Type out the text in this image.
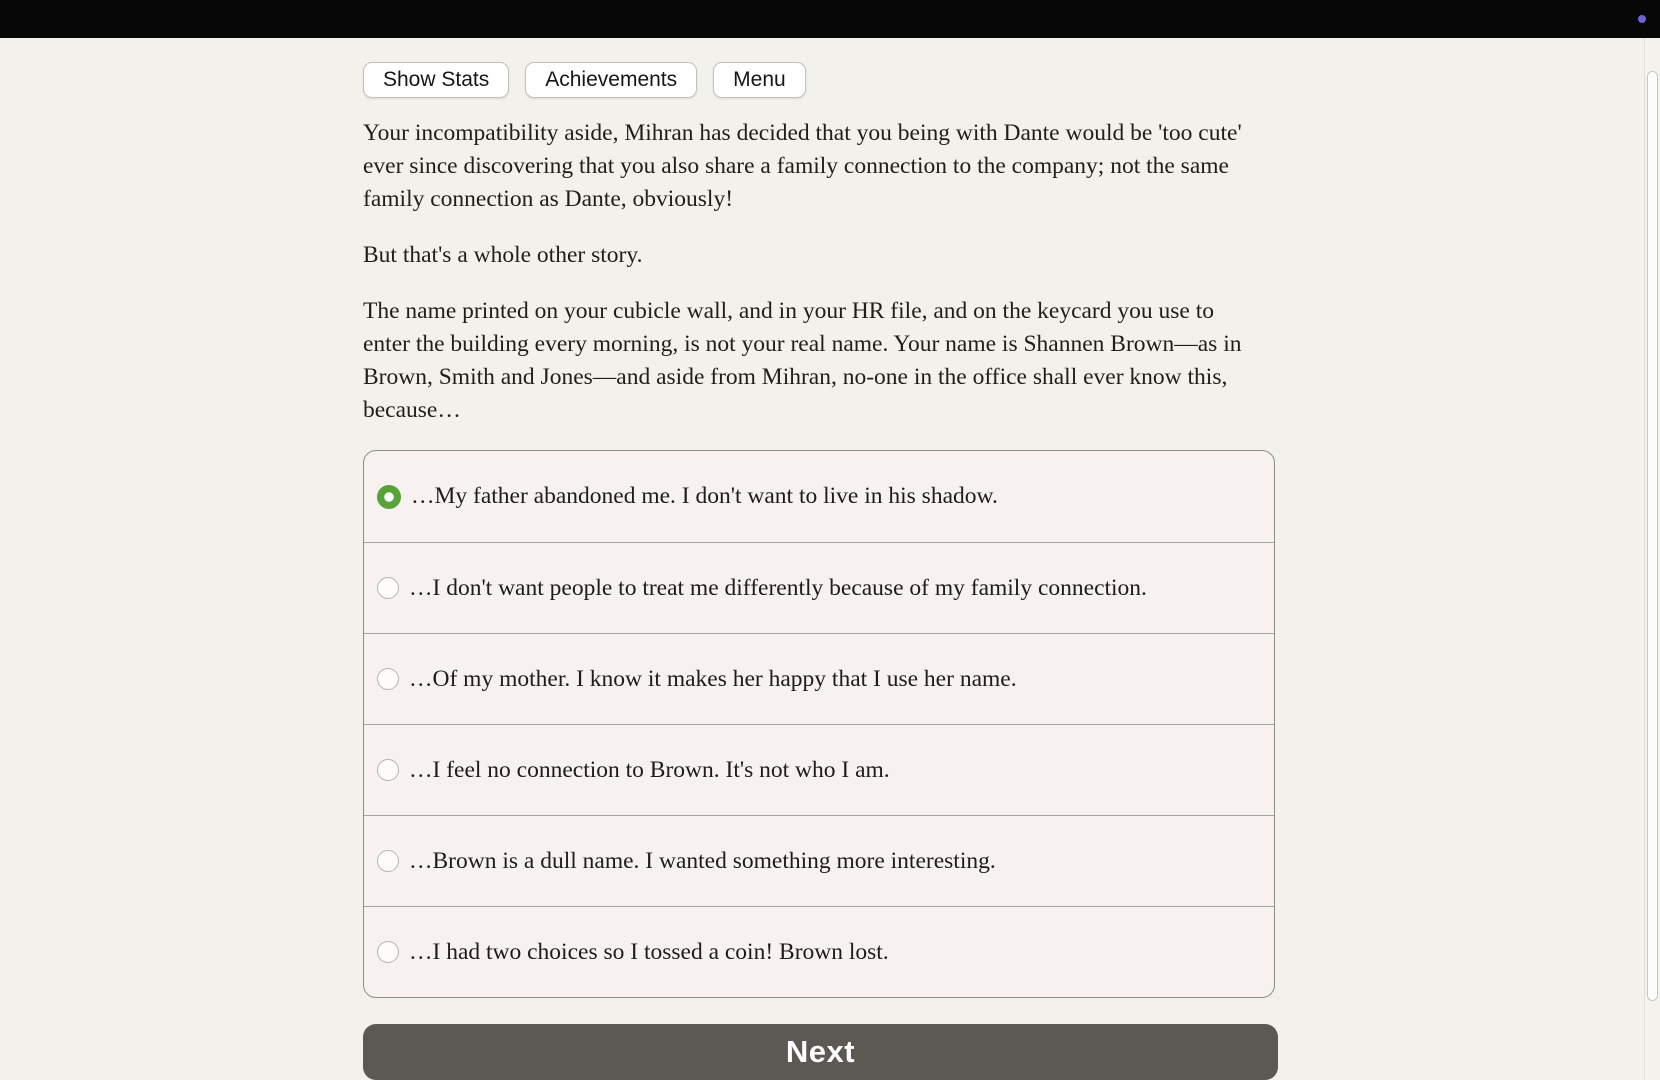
Show Stats	Achievements	Menu

Your incompatibility aside, Mihran has decided that you being with Dante would be 'too cute' ever since discovering that you also share a family connection to the company; not the same family connection as Dante, obviously!

But that's a whole other story.

The name printed on your cubicle wall, and in your HR file, and on the keycard you use to enter the building every morning, is not your real name. Your name is Shannen Brown—as in Brown, Smith and Jones—and aside from Mihran, no-one in the office shall ever know this, because…

…My father abandoned me. I don't want to live in his shadow.
…I don't want people to treat me differently because of my family connection.
…Of my mother. I know it makes her happy that I use her name.
…I feel no connection to Brown. It's not who I am.
…Brown is a dull name. I wanted something more interesting.
…I had two choices so I tossed a coin! Brown lost.
Next
